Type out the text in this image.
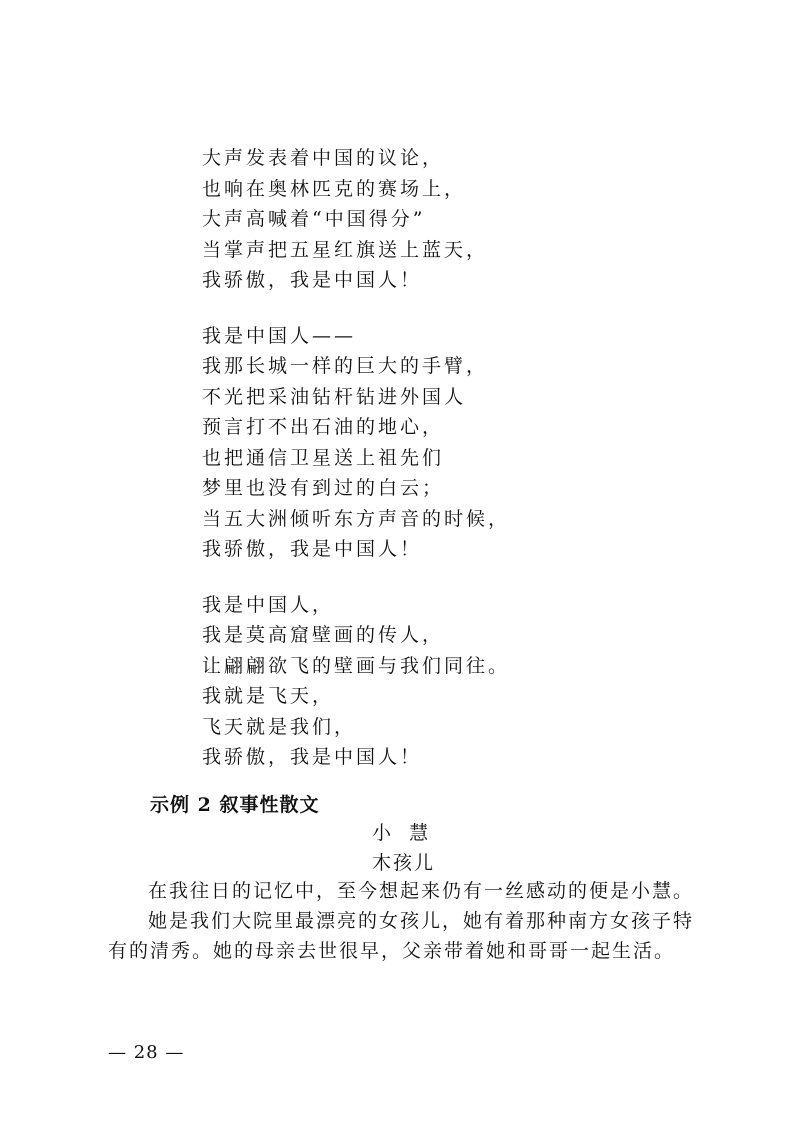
大声发表着中国的议论，
也响在奥林匹克的赛场上，
大声高喊着“中国得分”
当掌声把五星红旗送上蓝天，
我骄傲，我是中国人！
我是中国人——
我那长城一样的巨大的手臂，
不光把采油钻杆钻进外国人
预言打不出石油的地心，
也把通信卫星送上祖先们
梦里也没有到过的白云；
当五大洲倾听东方声音的时候，
我骄傲，我是中国人！
我是中国人，
我是莫高窟壁画的传人，
让翩翩欲飞的壁画与我们同往。
我就是飞天，
飞天就是我们，
我骄傲，我是中国人！
示例 2 叙事性散文
小  慧
木孩儿

在我往日的记忆中，至今想起来仍有一丝感动的便是小慧。

她是我们大院里最漂亮的女孩儿，她有着那种南方女孩子特有的清秀。她的母亲去世很早，父亲带着她和哥哥一起生活。

— 28 —
